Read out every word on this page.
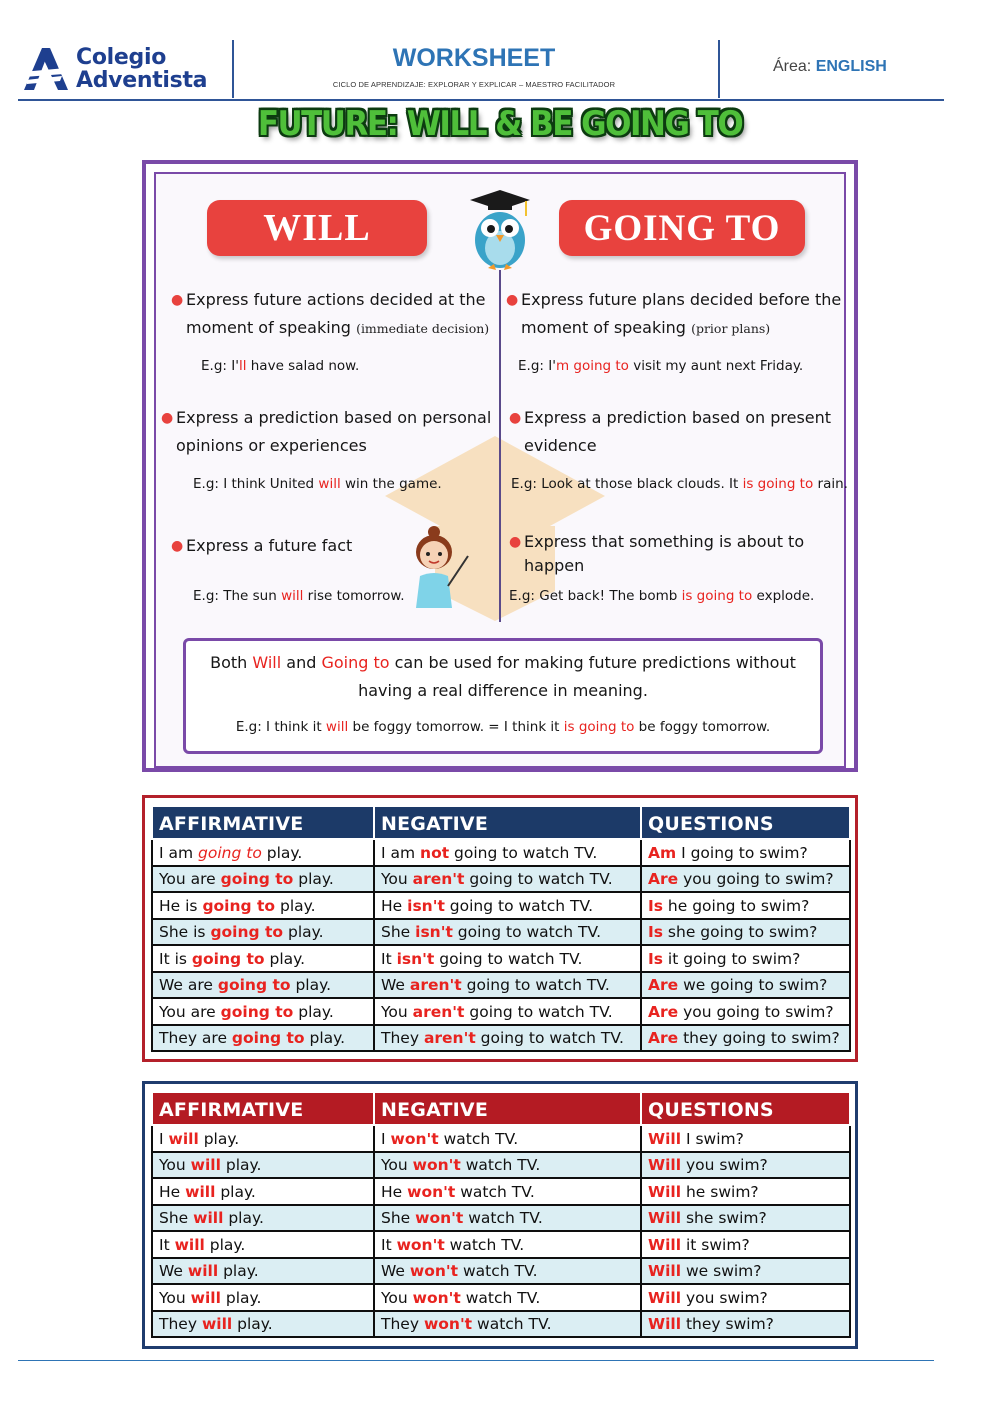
Colegio
Adventista
WORKSHEET
CICLO DE APRENDIZAJE: EXPLORAR Y EXPLICAR – MAESTRO FACILITADOR
Área: ENGLISH
FUTURE: WILL & BE GOING TO
WILL	GOING TO
● Express future actions decided at the moment of speaking (immediate decision)
E.g: I'll have salad now.
● Express a prediction based on personal opinions or experiences
E.g: I think United will win the game.
● Express a future fact
E.g: The sun will rise tomorrow.
● Express future plans decided before the moment of speaking (prior plans)
E.g: I'm going to visit my aunt next Friday.
● Express a prediction based on present evidence
E.g: Look at those black clouds. It is going to rain.
● Express that something is about to happen
E.g: Get back! The bomb is going to explode.
Both Will and Going to can be used for making future predictions without having a real difference in meaning.
E.g: I think it will be foggy tomorrow. = I think it is going to be foggy tomorrow.
AFFIRMATIVE	NEGATIVE	QUESTIONS
I am going to play.	I am not going to watch TV.	Am I going to swim?
You are going to play.	You aren't going to watch TV.	Are you going to swim?
He is going to play.	He isn't going to watch TV.	Is he going to swim?
She is going to play.	She isn't going to watch TV.	Is she going to swim?
It is going to play.	It isn't going to watch TV.	Is it going to swim?
We are going to play.	We aren't going to watch TV.	Are we going to swim?
You are going to play.	You aren't going to watch TV.	Are you going to swim?
They are going to play.	They aren't going to watch TV.	Are they going to swim?
AFFIRMATIVE	NEGATIVE	QUESTIONS
I will play.	I won't watch TV.	Will I swim?
You will play.	You won't watch TV.	Will you swim?
He will play.	He won't watch TV.	Will he swim?
She will play.	She won't watch TV.	Will she swim?
It will play.	It won't watch TV.	Will it swim?
We will play.	We won't watch TV.	Will we swim?
You will play.	You won't watch TV.	Will you swim?
They will play.	They won't watch TV.	Will they swim?
